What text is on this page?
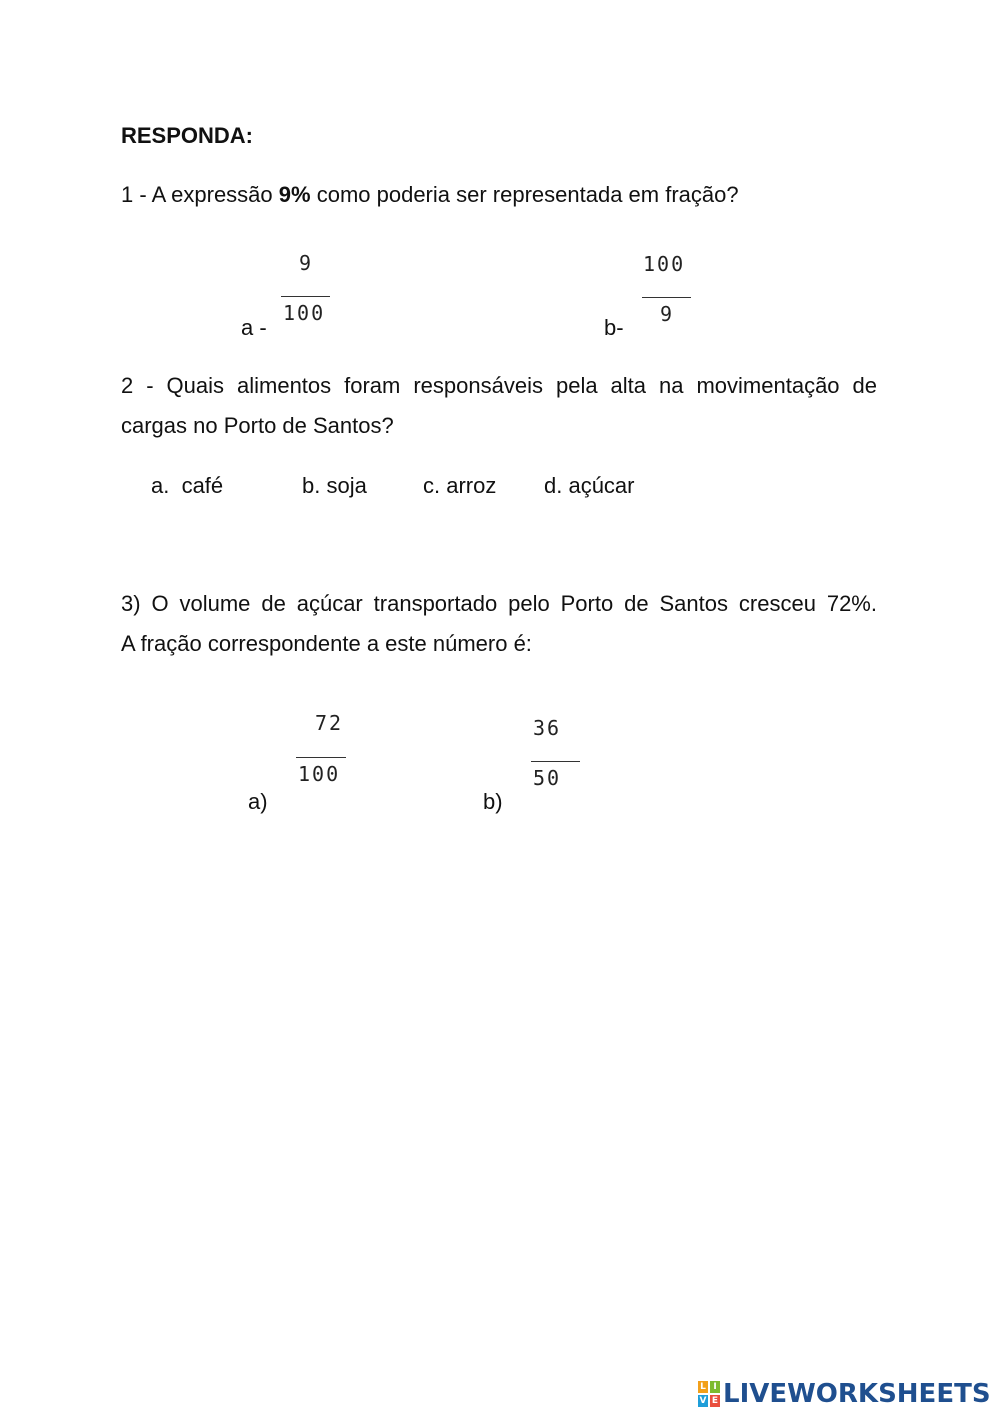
RESPONDA:
1 - A expressão 9% como poderia ser representada em fração?
a -
9
100
b-
100
9
2 - Quais alimentos foram responsáveis pela alta na movimentação de
cargas no Porto de Santos?
a.  café	b. soja	c. arroz d. açúcar
3) O volume de açúcar transportado pelo Porto de Santos cresceu 72%.
A fração correspondente a este número é:
a)
72
100
b)
36
50
L I
V E LIVEWORKSHEETS
